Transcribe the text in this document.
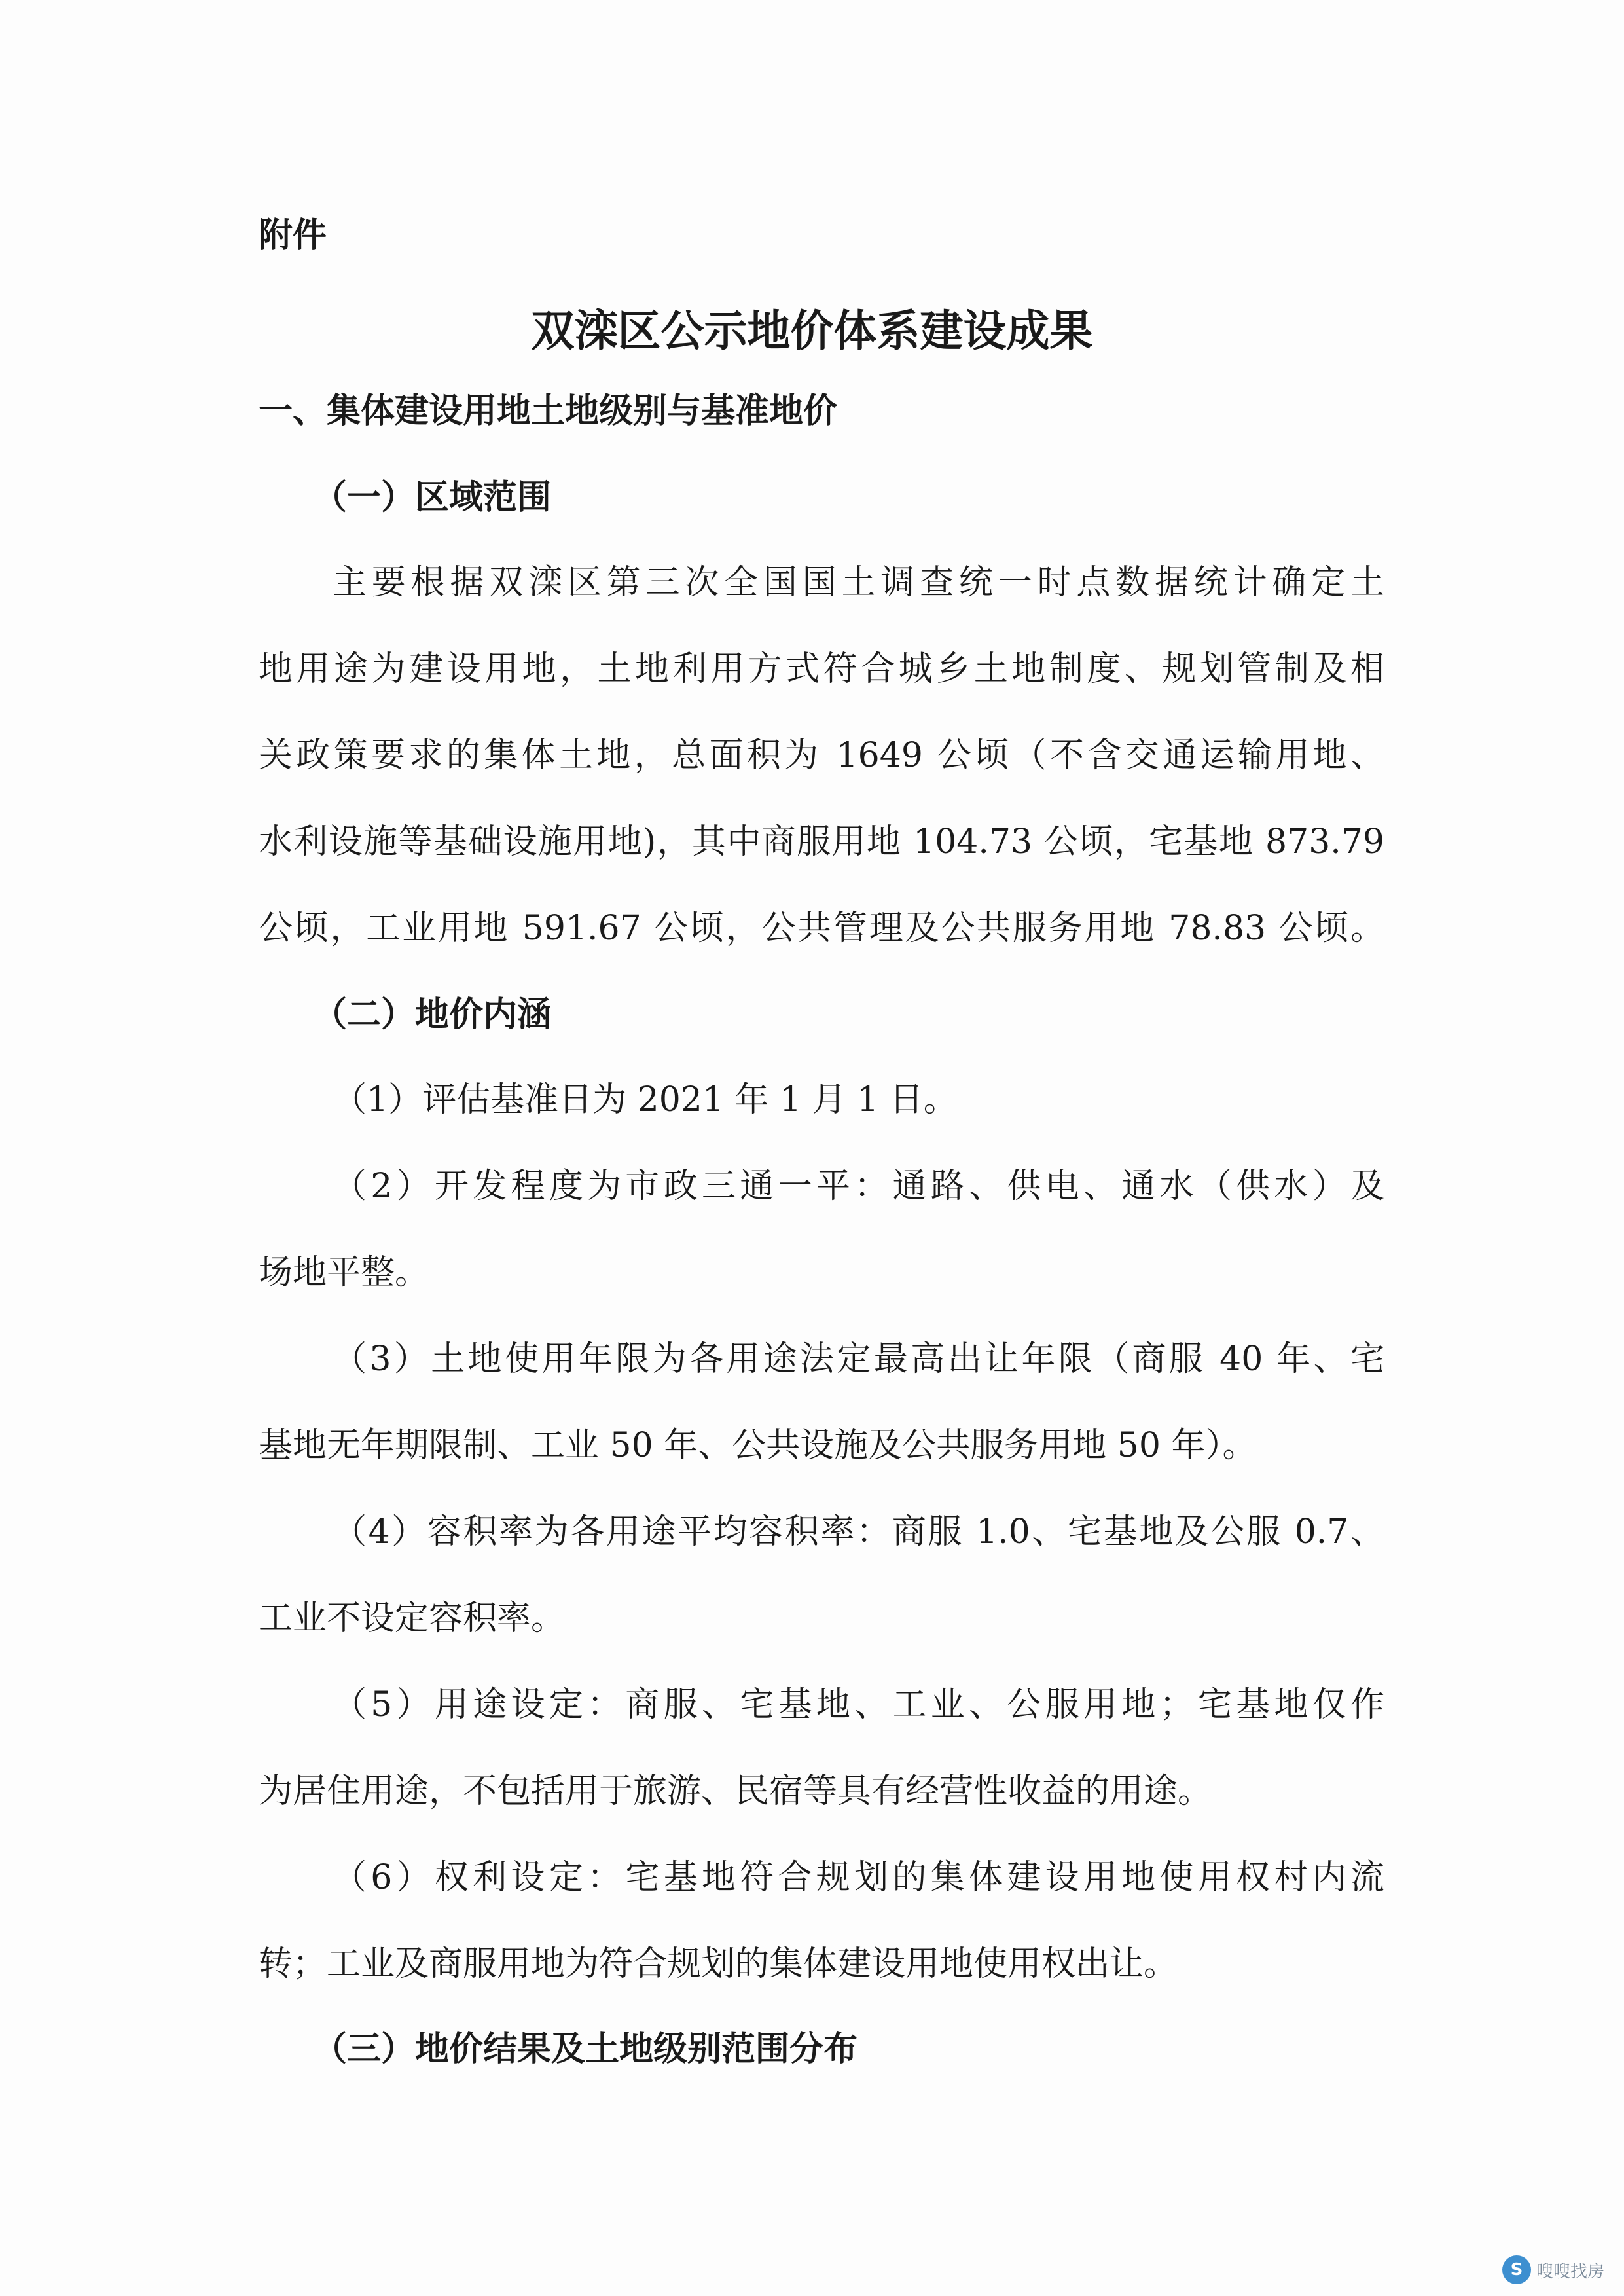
附件
双滦区公示地价体系建设成果
一、集体建设用地土地级别与基准地价
（一）区域范围
主要根据双滦区第三次全国国土调查统一时点数据统计确定土
地用途为建设用地，土地利用方式符合城乡土地制度、规划管制及相
关政策要求的集体土地，总面积为 1649 公顷（不含交通运输用地、
水利设施等基础设施用地)，其中商服用地 104.73 公顷，宅基地 873.79
公顷，工业用地 591.67 公顷，公共管理及公共服务用地 78.83 公顷。
（二）地价内涵
（1）评估基准日为 2021 年 1 月 1 日。
（2）开发程度为市政三通一平：通路、供电、通水（供水）及
场地平整。
（3）土地使用年限为各用途法定最高出让年限（商服 40 年、宅
基地无年期限制、工业 50 年、公共设施及公共服务用地 50 年）。
（4）容积率为各用途平均容积率：商服 1.0、宅基地及公服 0.7、
工业不设定容积率。
（5）用途设定：商服、宅基地、工业、公服用地；宅基地仅作
为居住用途，不包括用于旅游、民宿等具有经营性收益的用途。
（6）权利设定：宅基地符合规划的集体建设用地使用权村内流
转；工业及商服用地为符合规划的集体建设用地使用权出让。
（三）地价结果及土地级别范围分布
S 嗖嗖找房
